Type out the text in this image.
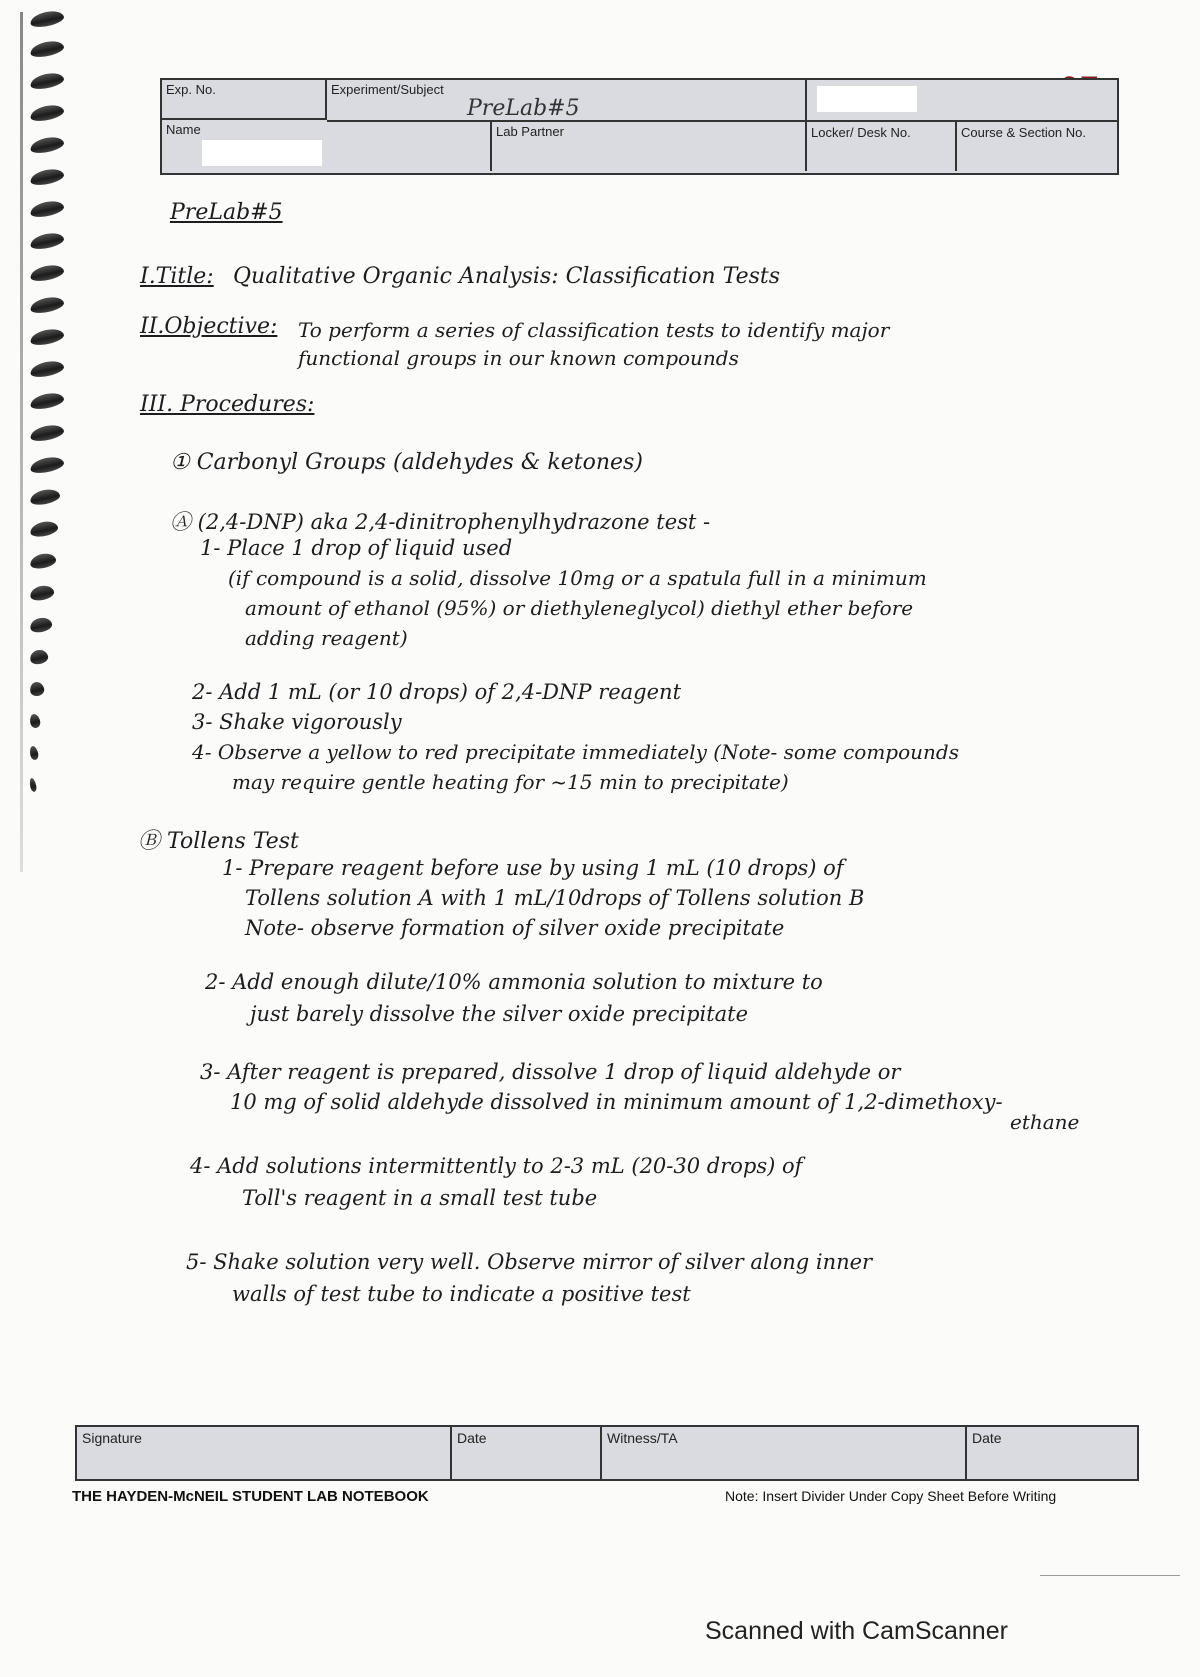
Exp. No.	Experiment/Subject
PreLab#5
Name	Lab Partner	Locker/ Desk No.	Course & Section No.
PreLab#5
I.Title: Qualitative Organic Analysis: Classification Tests
II.Objective: To perform a series of classification tests to identify major
functional groups in our known compounds
III. Procedures:
① Carbonyl Groups (aldehydes & ketones)
Ⓐ (2,4-DNP) aka 2,4-dinitrophenylhydrazone test -
1- Place 1 drop of liquid used
(if compound is a solid, dissolve 10mg or a spatula full in a minimum
amount of ethanol (95%) or diethyleneglycol) diethyl ether before
adding reagent)
2- Add 1 mL (or 10 drops) of 2,4-DNP reagent
3- Shake vigorously
4- Observe a yellow to red precipitate immediately (Note- some compounds
may require gentle heating for ~15 min to precipitate)
Ⓑ Tollens Test
1- Prepare reagent before use by using 1 mL (10 drops) of
Tollens solution A with 1 mL/10drops of Tollens solution B
Note- observe formation of silver oxide precipitate
2- Add enough dilute/10% ammonia solution to mixture to
just barely dissolve the silver oxide precipitate
3- After reagent is prepared, dissolve 1 drop of liquid aldehyde or
10 mg of solid aldehyde dissolved in minimum amount of 1,2-dimethoxy-
ethane
4- Add solutions intermittently to 2-3 mL (20-30 drops) of
Toll's reagent in a small test tube
5- Shake solution very well. Observe mirror of silver along inner
walls of test tube to indicate a positive test
Signature	Date	Witness/TA	Date
THE HAYDEN-McNEIL STUDENT LAB NOTEBOOK	Note: Insert Divider Under Copy Sheet Before Writing
Scanned with CamScanner
